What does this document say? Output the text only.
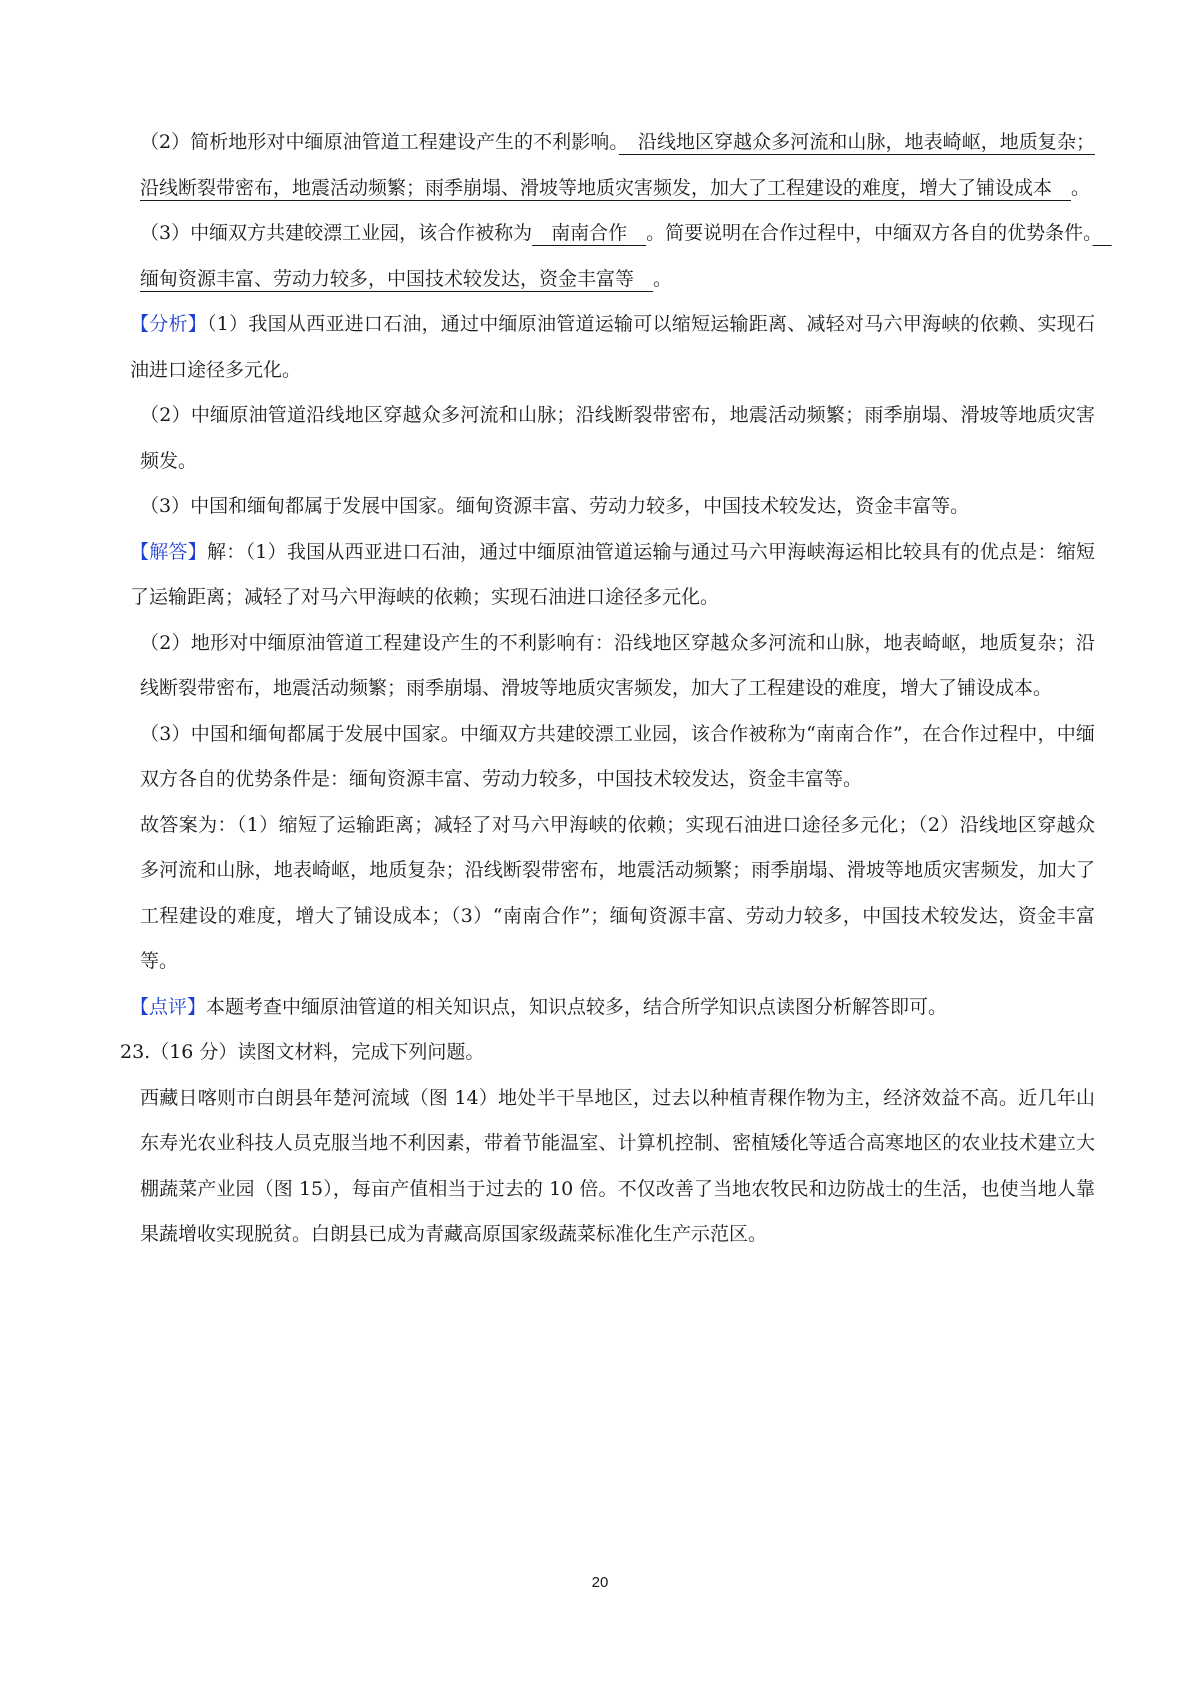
（2）简析地形对中缅原油管道工程建设产生的不利影响。　沿线地区穿越众多河流和山脉，地表崎岖，地质复杂；沿线断裂带密布，地震活动频繁；雨季崩塌、滑坡等地质灾害频发，加大了工程建设的难度，增大了铺设成本　。

（3）中缅双方共建皎漂工业园，该合作被称为　南南合作　。简要说明在合作过程中，中缅双方各自的优势条件。　缅甸资源丰富、劳动力较多，中国技术较发达，资金丰富等　。

【分析】（1）我国从西亚进口石油，通过中缅原油管道运输可以缩短运输距离、减轻对马六甲海峡的依赖、实现石油进口途径多元化。

（2）中缅原油管道沿线地区穿越众多河流和山脉；沿线断裂带密布，地震活动频繁；雨季崩塌、滑坡等地质灾害频发。

（3）中国和缅甸都属于发展中国家。缅甸资源丰富、劳动力较多，中国技术较发达，资金丰富等。

【解答】解：（1）我国从西亚进口石油，通过中缅原油管道运输与通过马六甲海峡海运相比较具有的优点是：缩短了运输距离；减轻了对马六甲海峡的依赖；实现石油进口途径多元化。

（2）地形对中缅原油管道工程建设产生的不利影响有：沿线地区穿越众多河流和山脉，地表崎岖，地质复杂；沿线断裂带密布，地震活动频繁；雨季崩塌、滑坡等地质灾害频发，加大了工程建设的难度，增大了铺设成本。

（3）中国和缅甸都属于发展中国家。中缅双方共建皎漂工业园，该合作被称为“南南合作”，在合作过程中，中缅双方各自的优势条件是：缅甸资源丰富、劳动力较多，中国技术较发达，资金丰富等。

故答案为：（1）缩短了运输距离；减轻了对马六甲海峡的依赖；实现石油进口途径多元化；（2）沿线地区穿越众多河流和山脉，地表崎岖，地质复杂；沿线断裂带密布，地震活动频繁；雨季崩塌、滑坡等地质灾害频发，加大了工程建设的难度，增大了铺设成本；（3）“南南合作”；缅甸资源丰富、劳动力较多，中国技术较发达，资金丰富等。

【点评】本题考查中缅原油管道的相关知识点，知识点较多，结合所学知识点读图分析解答即可。

23.（16 分）读图文材料，完成下列问题。

西藏日喀则市白朗县年楚河流域（图 14）地处半干旱地区，过去以种植青稞作物为主，经济效益不高。近几年山东寿光农业科技人员克服当地不利因素，带着节能温室、计算机控制、密植矮化等适合高寒地区的农业技术建立大棚蔬菜产业园（图 15），每亩产值相当于过去的 10 倍。不仅改善了当地农牧民和边防战士的生活，也使当地人靠果蔬增收实现脱贫。白朗县已成为青藏高原国家级蔬菜标准化生产示范区。

20
